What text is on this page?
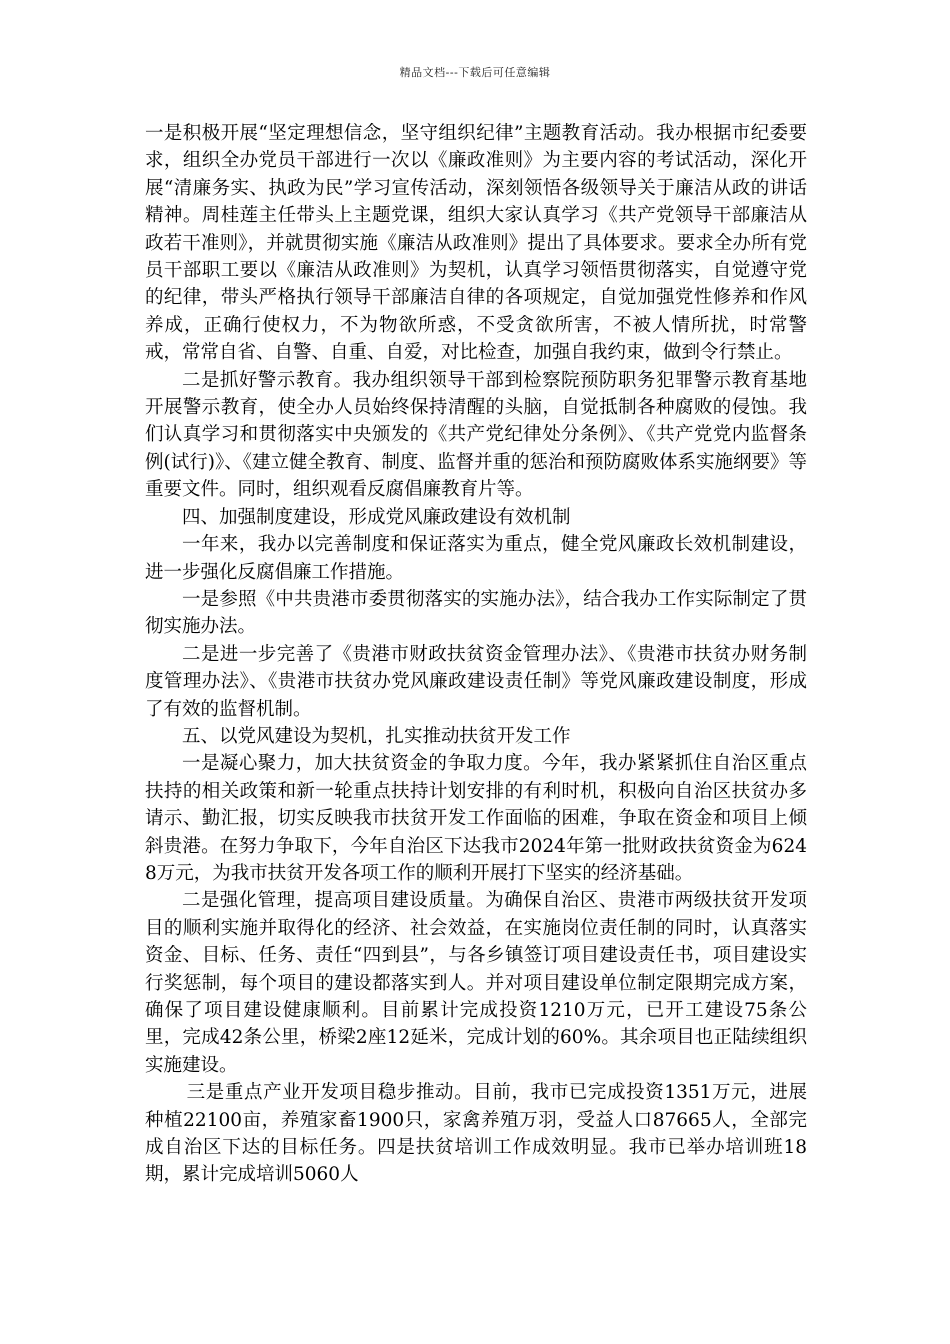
精品文档---下载后可任意编辑

一是积极开展“坚定理想信念，坚守组织纪律”主题教育活动。我办根据市纪委要求，组织全办党员干部进行一次以《廉政准则》为主要内容的考试活动，深化开展“清廉务实、执政为民”学习宣传活动，深刻领悟各级领导关于廉洁从政的讲话精神。周桂莲主任带头上主题党课，组织大家认真学习《共产党领导干部廉洁从政若干准则》，并就贯彻实施《廉洁从政准则》提出了具体要求。要求全办所有党员干部职工要以《廉洁从政准则》为契机，认真学习领悟贯彻落实，自觉遵守党的纪律，带头严格执行领导干部廉洁自律的各项规定，自觉加强党性修养和作风养成，正确行使权力，不为物欲所惑，不受贪欲所害，不被人情所扰，时常警戒，常常自省、自警、自重、自爱，对比检查，加强自我约束，做到令行禁止。

二是抓好警示教育。我办组织领导干部到检察院预防职务犯罪警示教育基地开展警示教育，使全办人员始终保持清醒的头脑，自觉抵制各种腐败的侵蚀。我们认真学习和贯彻落实中央颁发的《共产党纪律处分条例》、《共产党党内监督条例(试行)》、《建立健全教育、制度、监督并重的惩治和预防腐败体系实施纲要》等重要文件。同时，组织观看反腐倡廉教育片等。

四、加强制度建设，形成党风廉政建设有效机制

一年来，我办以完善制度和保证落实为重点，健全党风廉政长效机制建设，进一步强化反腐倡廉工作措施。

一是参照《中共贵港市委贯彻落实的实施办法》，结合我办工作实际制定了贯彻实施办法。

二是进一步完善了《贵港市财政扶贫资金管理办法》、《贵港市扶贫办财务制度管理办法》、《贵港市扶贫办党风廉政建设责任制》等党风廉政建设制度，形成了有效的监督机制。

五、以党风建设为契机，扎实推动扶贫开发工作

一是凝心聚力，加大扶贫资金的争取力度。今年，我办紧紧抓住自治区重点扶持的相关政策和新一轮重点扶持计划安排的有利时机，积极向自治区扶贫办多请示、勤汇报，切实反映我市扶贫开发工作面临的困难，争取在资金和项目上倾斜贵港。在努力争取下，今年自治区下达我市2024年第一批财政扶贫资金为6248万元，为我市扶贫开发各项工作的顺利开展打下坚实的经济基础。

二是强化管理，提高项目建设质量。为确保自治区、贵港市两级扶贫开发项目的顺利实施并取得化的经济、社会效益，在实施岗位责任制的同时，认真落实资金、目标、任务、责任“四到县”，与各乡镇签订项目建设责任书，项目建设实行奖惩制，每个项目的建设都落实到人。并对项目建设单位制定限期完成方案，确保了项目建设健康顺利。目前累计完成投资1210万元，已开工建设75条公里，完成42条公里，桥梁2座12延米，完成计划的60%。其余项目也正陆续组织实施建设。

三是重点产业开发项目稳步推动。目前，我市已完成投资1351万元，进展种植22100亩，养殖家畜1900只，家禽养殖万羽，受益人口87665人，全部完成自治区下达的目标任务。四是扶贫培训工作成效明显。我市已举办培训班18期，累计完成培训5060人
